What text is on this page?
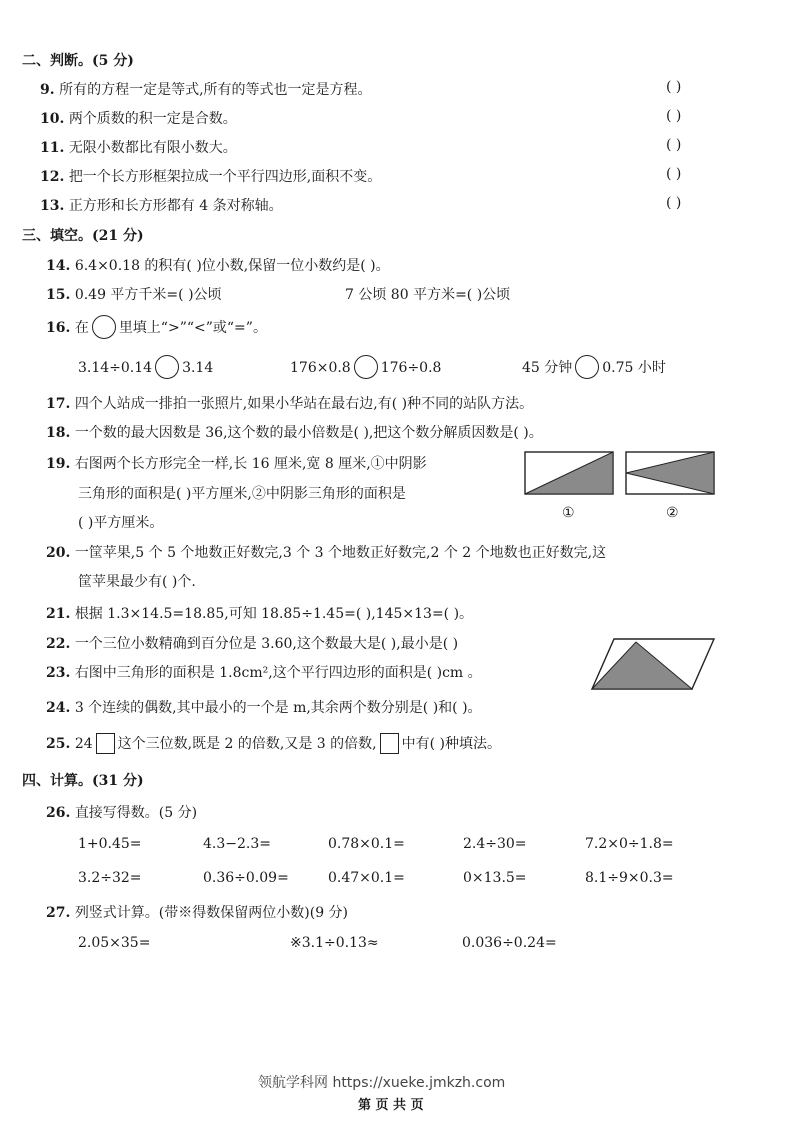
二、判断。(5 分)
9. 所有的方程一定是等式,所有的等式也一定是方程。	( )
10. 两个质数的积一定是合数。	( )
11. 无限小数都比有限小数大。	( )
12. 把一个长方形框架拉成一个平行四边形,面积不变。	( )
13. 正方形和长方形都有 4 条对称轴。	( )
三、填空。(21 分)
14. 6.4×0.18 的积有( )位小数,保留一位小数约是( )。
15. 0.49 平方千米=( )公顷	7 公顷 80 平方米=( )公顷
16. 在 里填上“>”“<”或“=”。
3.14÷0.14 3.14	176×0.8 176÷0.8	45 分钟 0.75 小时
17. 四个人站成一排拍一张照片,如果小华站在最右边,有( )种不同的站队方法。
18. 一个数的最大因数是 36,这个数的最小倍数是( ),把这个数分解质因数是( )。
19. 右图两个长方形完全一样,长 16 厘米,宽 8 厘米,①中阴影
三角形的面积是( )平方厘米,②中阴影三角形的面积是
( )平方厘米。
①	②
20. 一筐苹果,5 个 5 个地数正好数完,3 个 3 个地数正好数完,2 个 2 个地数也正好数完,这
筐苹果最少有( )个.
21. 根据 1.3×14.5=18.85,可知 18.85÷1.45=( ),145×13=( )。
22. 一个三位小数精确到百分位是 3.60,这个数最大是( ),最小是( )
23. 右图中三角形的面积是 1.8cm²,这个平行四边形的面积是( )cm 。
24. 3 个连续的偶数,其中最小的一个是 m,其余两个数分别是( )和( )。
25. 24 这个三位数,既是 2 的倍数,又是 3 的倍数, 中有( )种填法。
四、计算。(31 分)
26. 直接写得数。(5 分)
1+0.45=	4.3−2.3=	0.78×0.1=	2.4÷30=	7.2×0÷1.8=
3.2÷32=	0.36÷0.09=	0.47×0.1=	0×13.5=	8.1÷9×0.3=
27. 列竖式计算。(带※得数保留两位小数)(9 分)
2.05×35=	※3.1÷0.13≈	0.036÷0.24=
领航学科网 https://xueke.jmkzh.com
第 页 共 页
